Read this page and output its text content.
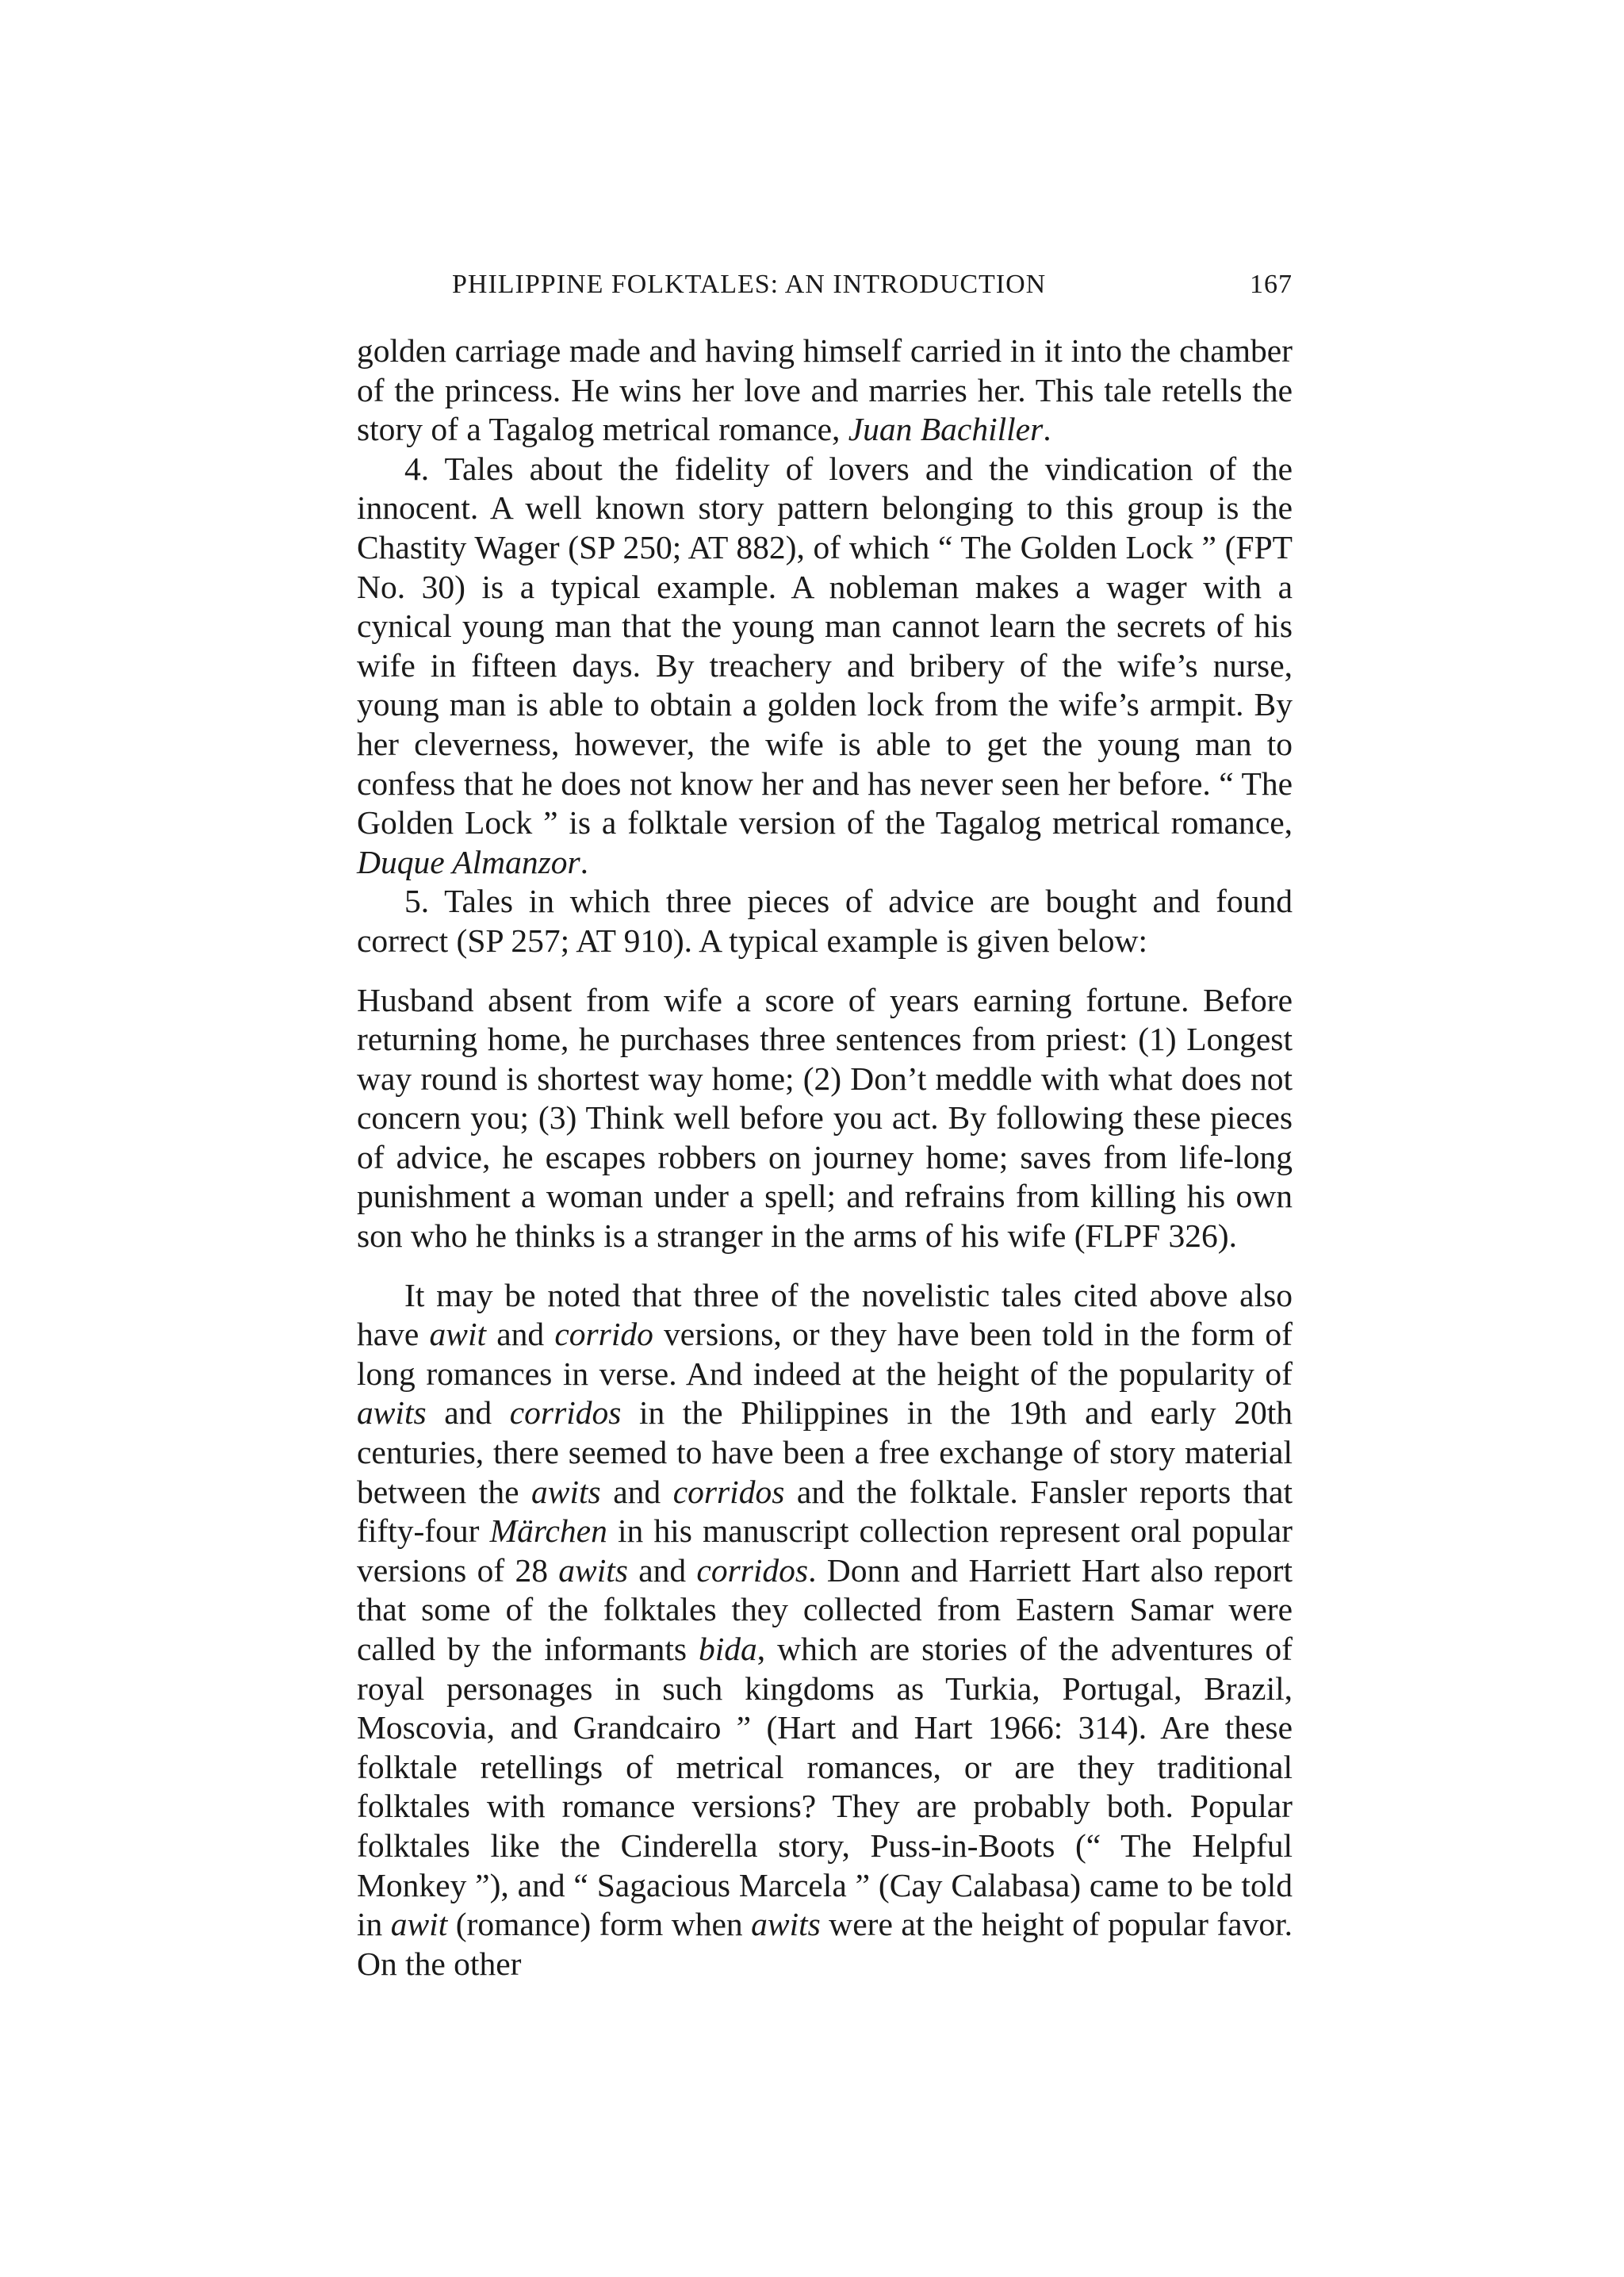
PHILIPPINE FOLKTALES: AN INTRODUCTION	167

golden carriage made and having himself carried in it into the chamber of the princess. He wins her love and marries her. This tale retells the story of a Tagalog metrical romance, Juan Bachiller.

4. Tales about the fidelity of lovers and the vindication of the innocent. A well known story pattern belonging to this group is the Chastity Wager (SP 250; AT 882), of which “ The Golden Lock ” (FPT No. 30) is a typical example. A nobleman makes a wager with a cynical young man that the young man cannot learn the secrets of his wife in fifteen days. By treachery and bribery of the wife’s nurse, young man is able to obtain a golden lock from the wife’s armpit. By her cleverness, however, the wife is able to get the young man to confess that he does not know her and has never seen her before. “ The Golden Lock ” is a folktale version of the Tagalog metrical romance, Duque Almanzor.

5. Tales in which three pieces of advice are bought and found correct (SP 257; AT 910). A typical example is given below:

Husband absent from wife a score of years earning fortune. Before returning home, he purchases three sentences from priest: (1) Longest way round is shortest way home; (2) Don’t meddle with what does not concern you; (3) Think well before you act. By following these pieces of advice, he escapes robbers on journey home; saves from life-long punishment a woman under a spell; and refrains from killing his own son who he thinks is a stranger in the arms of his wife (FLPF 326).

It may be noted that three of the novelistic tales cited above also have awit and corrido versions, or they have been told in the form of long romances in verse. And indeed at the height of the popularity of awits and corridos in the Philippines in the 19th and early 20th centuries, there seemed to have been a free exchange of story material between the awits and corridos and the folktale. Fansler reports that fifty-four Märchen in his manuscript collection represent oral popular versions of 28 awits and corridos. Donn and Harriett Hart also report that some of the folktales they collected from Eastern Samar were called by the informants bida, which are stories of the adventures of royal personages in such kingdoms as Turkia, Portugal, Brazil, Moscovia, and Grandcairo ” (Hart and Hart 1966: 314). Are these folktale retellings of metrical romances, or are they traditional folktales with romance versions? They are probably both. Popular folktales like the Cinderella story, Puss-in-Boots (“ The Helpful Monkey ”), and “ Sagacious Marcela ” (Cay Calabasa) came to be told in awit (romance) form when awits were at the height of popular favor. On the other
